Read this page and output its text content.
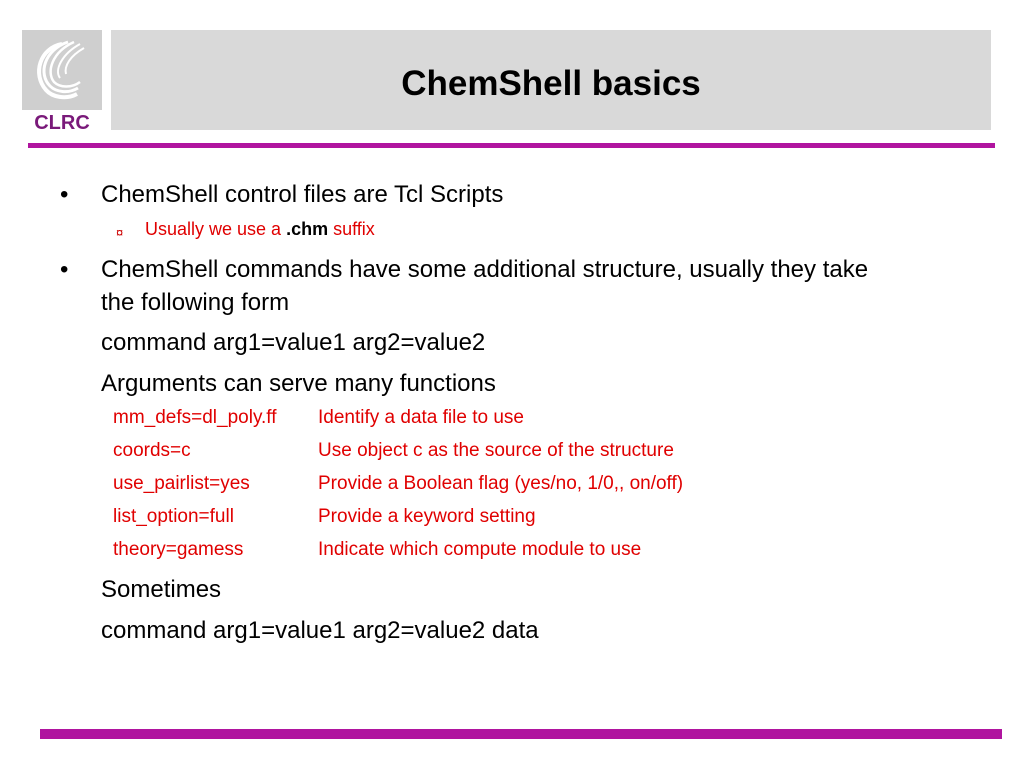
CLRC
ChemShell basics
• ChemShell control files are Tcl Scripts
¤ Usually we use a .chm suffix
• ChemShell commands have some additional structure, usually they take
the following form
command arg1=value1 arg2=value2
Arguments can serve many functions
mm_defs=dl_poly.ff Identify a data file to use
coords=c	Use object c as the source of the structure
use_pairlist=yes	Provide a Boolean flag (yes/no, 1/0,, on/off)
list_option=full	Provide a keyword setting
theory=gamess	Indicate which compute module to use
Sometimes
command arg1=value1 arg2=value2 data
